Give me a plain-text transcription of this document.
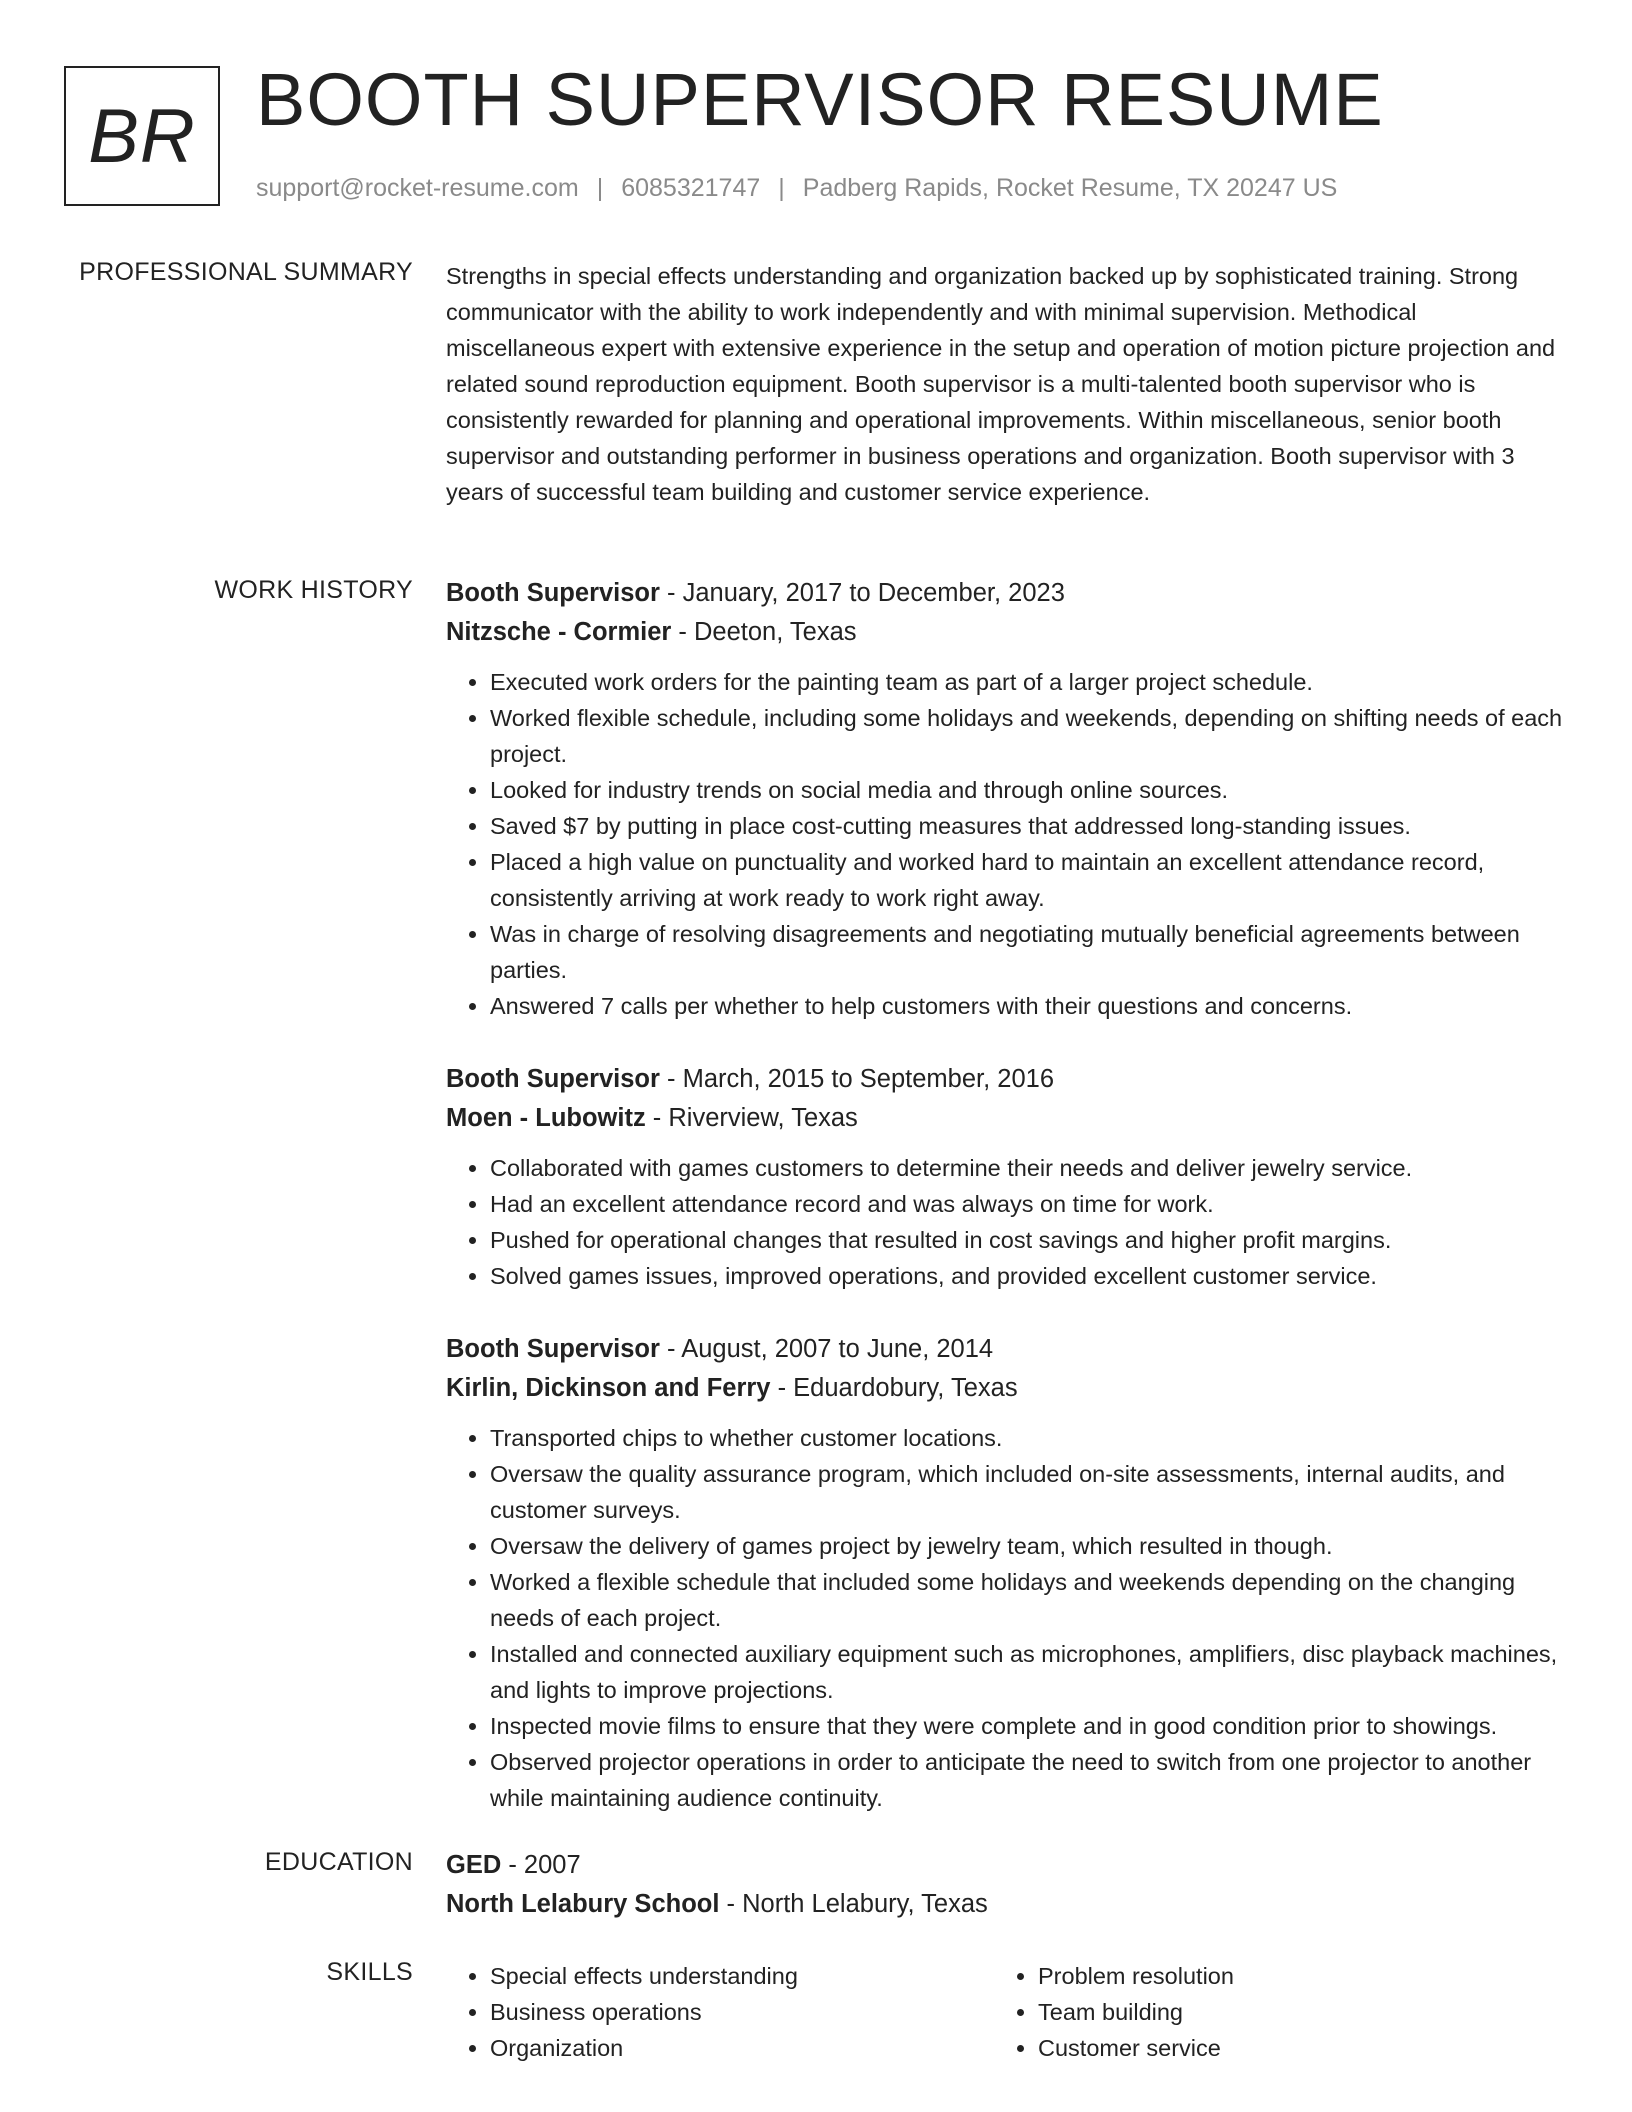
BR BOOTH SUPERVISOR RESUME
support@rocket-resume.com | 6085321747 | Padberg Rapids, Rocket Resume, TX 20247 US
PROFESSIONAL SUMMARY Strengths in special effects understanding and organization backed up by sophisticated training. Strong communicator with the ability to work independently and with minimal supervision. Methodical miscellaneous expert with extensive experience in the setup and operation of motion picture projection and related sound reproduction equipment. Booth supervisor is a multi-talented booth supervisor who is consistently rewarded for planning and operational improvements. Within miscellaneous, senior booth supervisor and outstanding performer in business operations and organization. Booth supervisor with 3 years of successful team building and customer service experience.

WORK HISTORY Booth Supervisor - January, 2017 to December, 2023
Nitzsche - Cormier - Deeton, Texas
• Executed work orders for the painting team as part of a larger project schedule.
• Worked flexible schedule, including some holidays and weekends, depending on shifting needs of each project.
• Looked for industry trends on social media and through online sources.
• Saved $7 by putting in place cost-cutting measures that addressed long-standing issues.
• Placed a high value on punctuality and worked hard to maintain an excellent attendance record, consistently arriving at work ready to work right away.
• Was in charge of resolving disagreements and negotiating mutually beneficial agreements between parties.
• Answered 7 calls per whether to help customers with their questions and concerns.
Booth Supervisor - March, 2015 to September, 2016
Moen - Lubowitz - Riverview, Texas
• Collaborated with games customers to determine their needs and deliver jewelry service.
• Had an excellent attendance record and was always on time for work.
• Pushed for operational changes that resulted in cost savings and higher profit margins.
• Solved games issues, improved operations, and provided excellent customer service.
Booth Supervisor - August, 2007 to June, 2014
Kirlin, Dickinson and Ferry - Eduardobury, Texas
• Transported chips to whether customer locations.
• Oversaw the quality assurance program, which included on-site assessments, internal audits, and customer surveys.
• Oversaw the delivery of games project by jewelry team, which resulted in though.
• Worked a flexible schedule that included some holidays and weekends depending on the changing needs of each project.
• Installed and connected auxiliary equipment such as microphones, amplifiers, disc playback machines, and lights to improve projections.
• Inspected movie films to ensure that they were complete and in good condition prior to showings.
• Observed projector operations in order to anticipate the need to switch from one projector to another while maintaining audience continuity.
EDUCATION GED - 2007
North Lelabury School - North Lelabury, Texas
SKILLS
•	Special effects understanding
• Business operations
• Organization
• Problem resolution
• Team building
• Customer service
